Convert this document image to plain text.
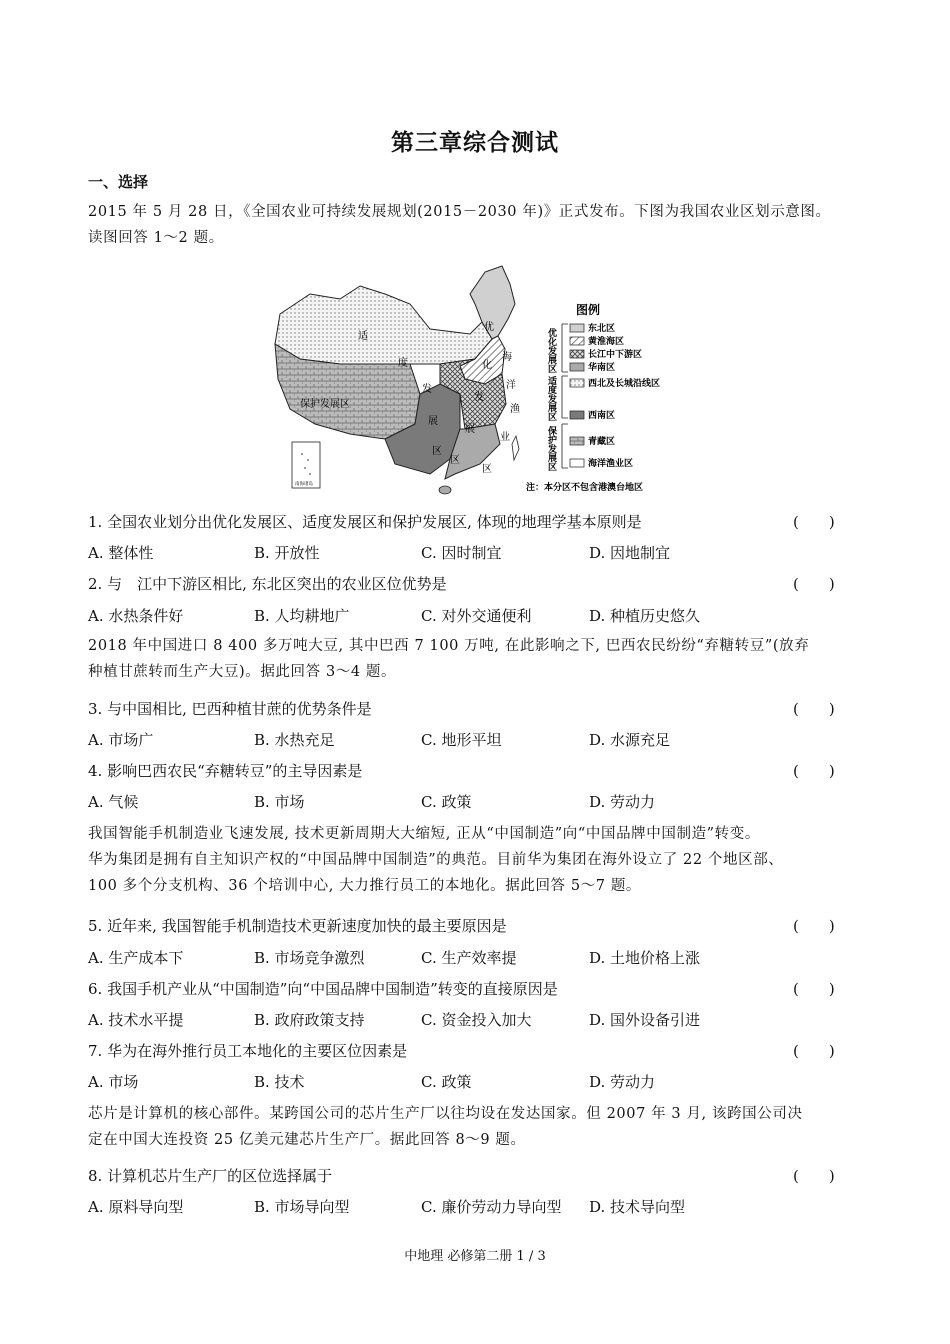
第三章综合测试
一、选择
2015 年 5 月 28 日，《全国农业可持续发展规划(2015－2030 年)》正式发布。下图为我国农业区划示意图。
读图回答 1～2 题。
南海诸岛
保护发展区
适
度
发
展
区
优
化
发
展
区
海
洋
渔
业
区
图例
优化发展区
适度发展区
保护发展区
东北区
黄淮海区
长江中下游区
华南区
西北及长城沿线区
西南区
青藏区
海洋渔业区
注：本分区不包含港澳台地区
1. 全国农业划分出优化发展区、适度发展区和保护发展区, 体现的地理学基本原则是	(　　)
A. 整体性	B. 开放性	C. 因时制宜	D. 因地制宜
2. 与　江中下游区相比, 东北区突出的农业区位优势是	(　　)
A. 水热条件好	B. 人均耕地广	C. 对外交通便利	D. 种植历史悠久
2018 年中国进口 8 400 多万吨大豆, 其中巴西 7 100 万吨, 在此影响之下, 巴西农民纷纷“弃糖转豆”(放弃
种植甘蔗转而生产大豆)。据此回答 3～4 题。
3. 与中国相比, 巴西种植甘蔗的优势条件是	(　　)
A. 市场广	B. 水热充足	C. 地形平坦	D. 水源充足
4. 影响巴西农民“弃糖转豆”的主导因素是	(　　)
A. 气候	B. 市场	C. 政策	D. 劳动力
我国智能手机制造业飞速发展, 技术更新周期大大缩短, 正从“中国制造”向“中国品牌中国制造”转变。
华为集团是拥有自主知识产权的“中国品牌中国制造”的典范。目前华为集团在海外设立了 22 个地区部、
100 多个分支机构、36 个培训中心, 大力推行员工的本地化。据此回答 5～7 题。
5. 近年来, 我国智能手机制造技术更新速度加快的最主要原因是	(　　)
A. 生产成本下	B. 市场竞争激烈	C. 生产效率提	D. 土地价格上涨
6. 我国手机产业从“中国制造”向“中国品牌中国制造”转变的直接原因是	(　　)
A. 技术水平提	B. 政府政策支持	C. 资金投入加大	D. 国外设备引进
7. 华为在海外推行员工本地化的主要区位因素是	(　　)
A. 市场	B. 技术	C. 政策	D. 劳动力
芯片是计算机的核心部件。某跨国公司的芯片生产厂以往均设在发达国家。但 2007 年 3 月, 该跨国公司决
定在中国大连投资 25 亿美元建芯片生产厂。据此回答 8～9 题。
8. 计算机芯片生产厂的区位选择属于	(　　)
A. 原料导向型	B. 市场导向型	C. 廉价劳动力导向型 D. 技术导向型
中地理 必修第二册 1 / 3
